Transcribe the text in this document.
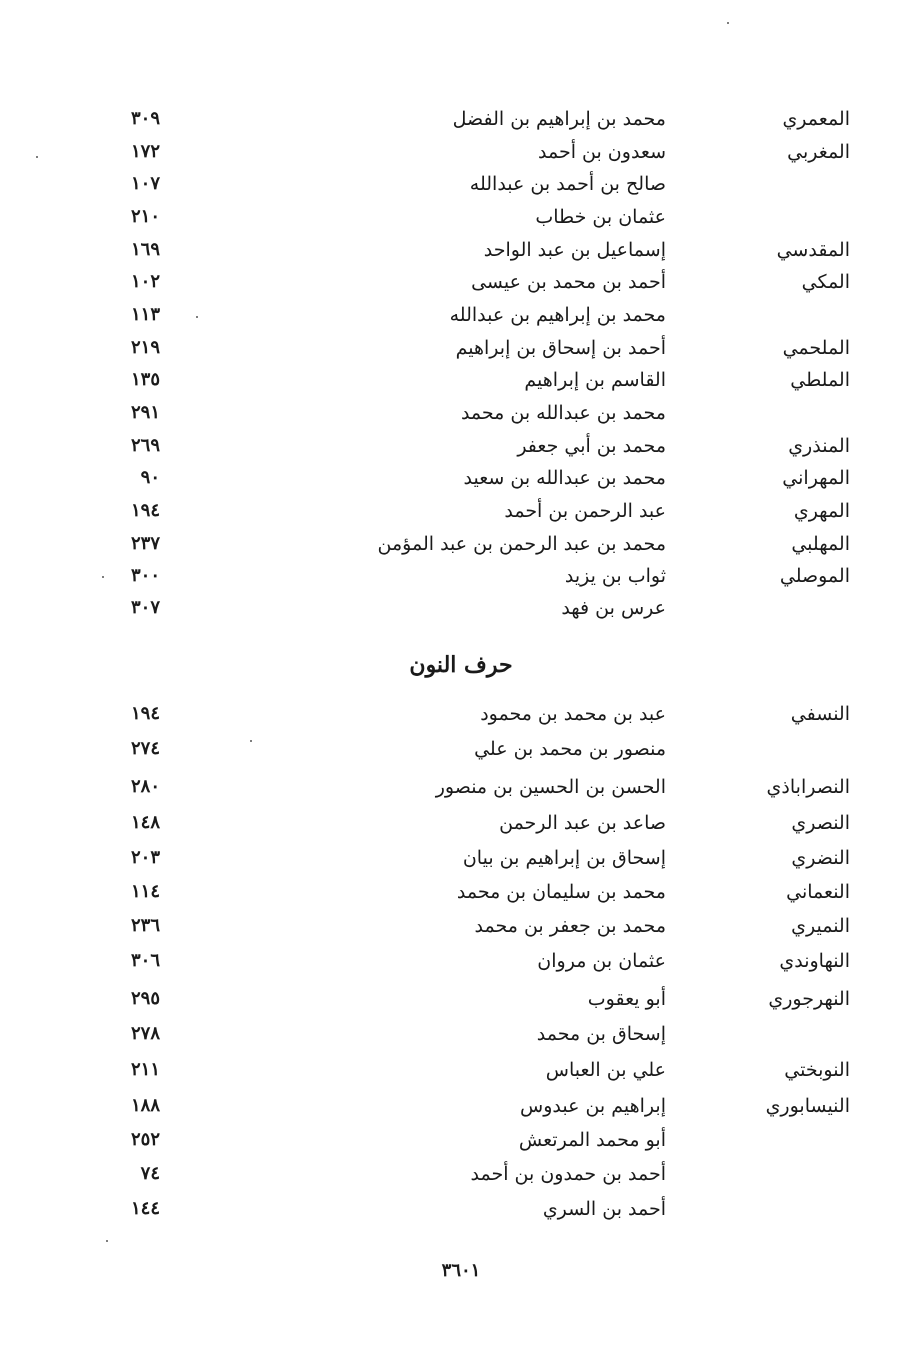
المعمري
محمد بن إبراهيم بن الفضل
٣٠٩
المغربي
سعدون بن أحمد
١٧٢
صالح بن أحمد بن عبدالله
١٠٧
عثمان بن خطاب
٢١٠
المقدسي
إسماعيل بن عبد الواحد
١٦٩
المكي
أحمد بن محمد بن عيسى
١٠٢
محمد بن إبراهيم بن عبدالله
١١٣
الملحمي
أحمد بن إسحاق بن إبراهيم
٢١٩
الملطي
القاسم بن إبراهيم
١٣٥
محمد بن عبدالله بن محمد
٢٩١
المنذري
محمد بن أبي جعفر
٢٦٩
المهراني
محمد بن عبدالله بن سعيد
٩٠
المهري
عبد الرحمن بن أحمد
١٩٤
المهلبي
محمد بن عبد الرحمن بن عبد المؤمن
٢٣٧
الموصلي
ثواب بن يزيد
٣٠٠
عرس بن فهد
٣٠٧
حرف النون
النسفي
عبد بن محمد بن محمود
١٩٤
منصور بن محمد بن علي
٢٧٤
النصراباذي
الحسن بن الحسين بن منصور
٢٨٠
النصري
صاعد بن عبد الرحمن
١٤٨
النضري
إسحاق بن إبراهيم بن بيان
٢٠٣
النعماني
محمد بن سليمان بن محمد
١١٤
النميري
محمد بن جعفر بن محمد
٢٣٦
النهاوندي
عثمان بن مروان
٣٠٦
النهرجوري
أبو يعقوب
٢٩٥
إسحاق بن محمد
٢٧٨
النوبختي
علي بن العباس
٢١١
النيسابوري
إبراهيم بن عبدوس
١٨٨
أبو محمد المرتعش
٢٥٢
أحمد بن حمدون بن أحمد
٧٤
أحمد بن السري
١٤٤
٣٦٠١
